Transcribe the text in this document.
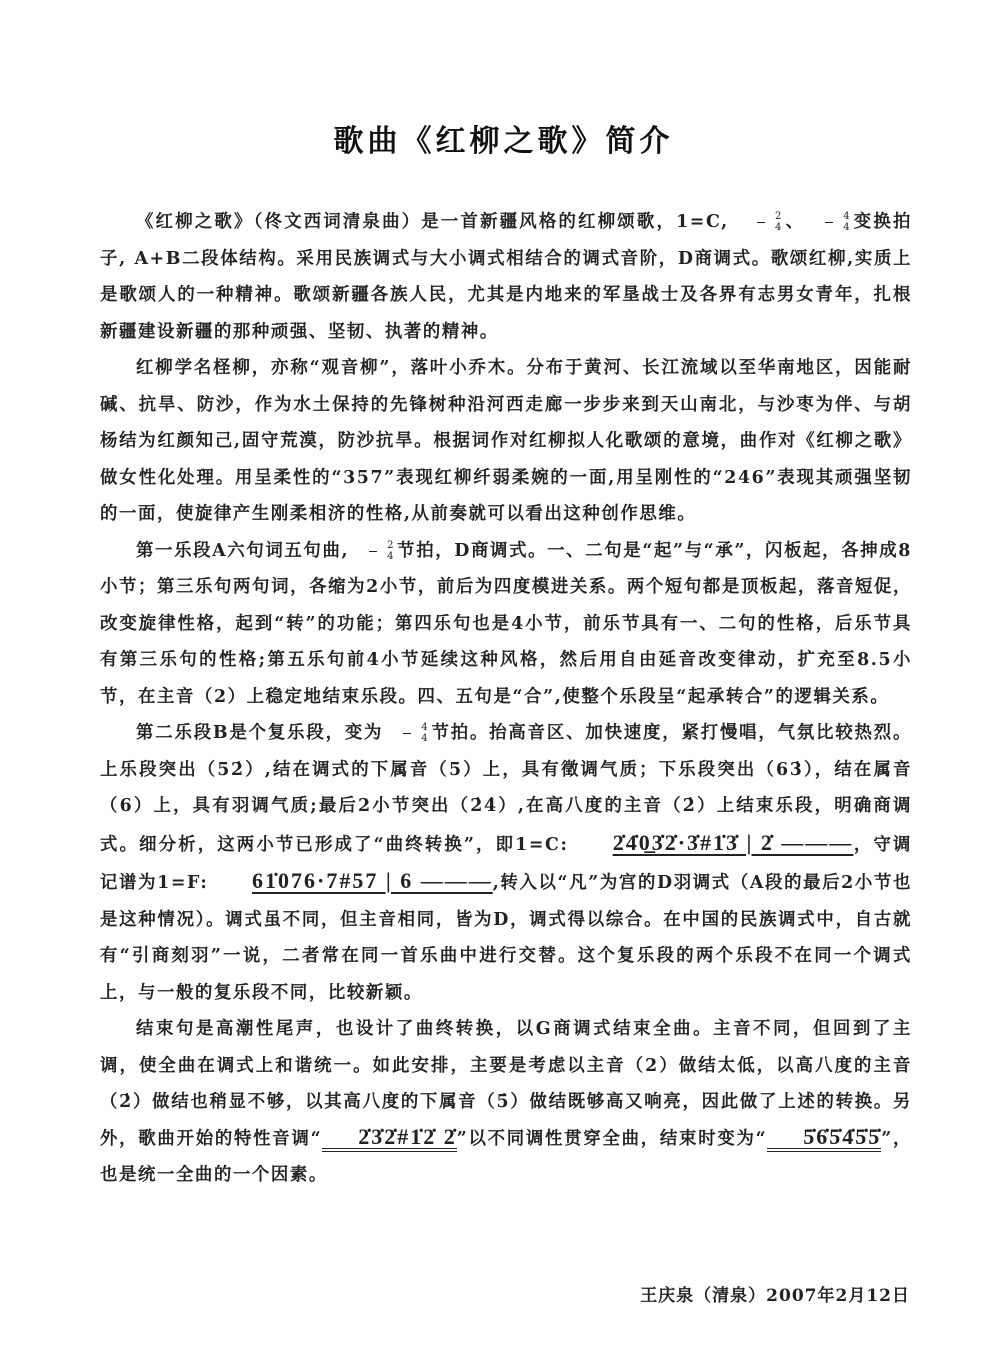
歌曲《红柳之歌》简介

《红柳之歌》（佟文西词清泉曲）是一首新疆风格的红柳颂歌，1=C, $\frac{2}{4}$ 、 $\frac{4}{4}$ 变换拍子, A+B二段体结构。采用民族调式与大小调式相结合的调式音阶，D商调式。歌颂红柳,实质上是歌颂人的一种精神。歌颂新疆各族人民，尤其是内地来的军垦战士及各界有志男女青年，扎根新疆建设新疆的那种顽强、坚韧、执著的精神。

红柳学名柽柳，亦称“观音柳”，落叶小乔木。分布于黄河、长江流域以至华南地区，因能耐碱、抗旱、防沙，作为水土保持的先锋树种沿河西走廊一步步来到天山南北，与沙枣为伴、与胡杨结为红颜知己,固守荒漠，防沙抗旱。根据词作对红柳拟人化歌颂的意境，曲作对《红柳之歌》做女性化处理。用呈柔性的“357”表现红柳纤弱柔婉的一面,用呈刚性的“246”表现其顽强坚韧的一面，使旋律产生刚柔相济的性格,从前奏就可以看出这种创作思维。

第一乐段A六句词五句曲, $\frac{2}{4}$ 节拍，D商调式。一、二句是“起”与“承”，闪板起，各抻成8小节；第三乐句两句词，各缩为2小节，前后为四度模进关系。两个短句都是顶板起，落音短促，改变旋律性格，起到“转”的功能；第四乐句也是4小节，前乐节具有一、二句的性格，后乐节具有第三乐句的性格;第五乐句前4小节延续这种风格，然后用自由延音改变律动，扩充至8.5小节，在主音（2）上稳定地结束乐段。四、五句是“合”,使整个乐段呈“起承转合”的逻辑关系。

第二乐段B是个复乐段，变为 $\frac{4}{4}$ 节拍。抬高音区、加快速度，紧打慢唱，气氛比较热烈。上乐段突出（52̇）,结在调式的下属音（5）上，具有徵调气质；下乐段突出（63̇），结在属音（6）上，具有羽调气质;最后2小节突出（2̇4̇）,在高八度的主音（2̇）上结束乐段，明确商调式。细分析，这两小节已形成了“曲终转换”，即1=C: 2̇4̇0̲3̇2̇·3̇#1̇3̇ | 2̇ ———，守调记谱为1=F: 61̇076·7#57 | 6 ———,转入以“凡”为宫的D羽调式（A段的最后2小节也是这种情况）。调式虽不同，但主音相同，皆为D，调式得以综合。在中国的民族调式中，自古就有“引商刻羽”一说，二者常在同一首乐曲中进行交替。这个复乐段的两个乐段不在同一个调式上，与一般的复乐段不同，比较新颖。

结束句是高潮性尾声，也设计了曲终转换，以G商调式结束全曲。主音不同，但回到了主调，使全曲在调式上和谐统一。如此安排，主要是考虑以主音（2）做结太低，以高八度的主音（2̇）做结也稍显不够，以其高八度的下属音（5̇）做结既够高又响亮，因此做了上述的转换。另外，歌曲开始的特性音调“ 2̇3̇2̇#1̇2̇ 2̇”以不同调性贯穿全曲，结束时变为“ 5̇6̇5̇4̇5̇5̇”，也是统一全曲的一个因素。

王庆泉（清泉）2007年2月12日
